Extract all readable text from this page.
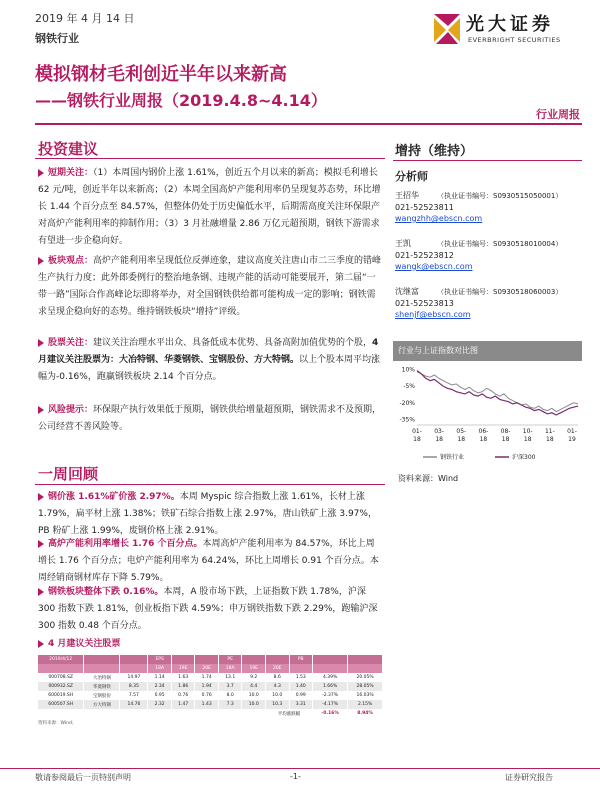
2019 年 4 月 14 日
钢铁行业
光大证券
EVERBRIGHT SECURITIES
模拟钢材毛利创近半年以来新高
——钢铁行业周报（2019.4.8~4.14）
行业周报
投资建议
短期关注：（1）本周国内钢价上涨 1.61%，创近五个月以来的新高；模拟毛利增长 62 元/吨，创近半年以来新高；（2）本周全国高炉产能利用率仍呈现复苏态势，环比增长 1.44 个百分点至 84.57%，但整体仍处于历史偏低水平，后期需高度关注环保限产对高炉产能利用率的抑制作用；（3）3 月社融增量 2.86 万亿元超预期，钢铁下游需求有望进一步企稳向好。
板块观点：高炉产能利用率呈现低位反弹迹象，建议高度关注唐山市二三季度的错峰生产执行力度；此外郎委例行的整治地条钢、违规产能的活动可能要展开，第二届“一带一路”国际合作高峰论坛即将举办，对全国钢铁供给都可能构成一定的影响；钢铁需求呈现企稳向好的态势。维持钢铁板块“增持”评级。
股票关注：建议关注治理水平出众、具备低成本优势、具备高附加值优势的个股，4 月建议关注股票为：大冶特钢、华菱钢铁、宝钢股份、方大特钢。以上个股本周平均涨幅为-0.16%，跑赢钢铁板块 2.14 个百分点。
风险提示：环保限产执行效果低于预期，钢铁供给增量超预期，钢铁需求不及预期，公司经营不善风险等。
一周回顾
钢价涨 1.61%矿价涨 2.97%。本周 Myspic 综合指数上涨 1.61%，长材上涨 1.79%，扁平材上涨 1.38%；铁矿石综合指数上涨 2.97%，唐山铁矿上涨 3.97%，PB 粉矿上涨 1.99%，废钢价格上涨 2.91%。
高炉产能利用率增长 1.76 个百分点。本周高炉产能利用率为 84.57%，环比上周增长 1.76 个百分点；电炉产能利用率为 64.24%，环比上周增长 0.91 个百分点。本周经销商钢材库存下降 5.79%。
钢铁板块整体下跌 0.16%。本周，A 股市场下跌，上证指数下跌 1.78%，沪深 300 指数下跌 1.81%，创业板指下跌 4.59%；申万钢铁指数下跌 2.29%，跑输沪深 300 指数 0.48 个百分点。
4 月建议关注股票
2019/4/12			EPS			PE			PB		
			18A	19E	20E	18A	19E	20E			
000708.SZ	大冶特钢	14.97	1.14	1.63	1.74	13.1	9.2	8.6	1.53	4.39%	20.05%
000932.SZ	华菱钢铁	8.35	2.34	1.86	1.94	3.7	4.4	4.3	1.40	1.66%	28.05%
600019.SH	宝钢股份	7.57	0.95	0.76	0.76	8.0	10.0	10.0	0.99	-2.37%	16.03%
600507.SH	方大特钢	14.76	2.32	1.47	1.43	7.3	10.0	10.3	3.31	-4.17%	2.15%
								平均涨跌幅		-0.16%	8.94%
资料来源：Wind；
增持（维持）
分析师
王招华	（执业证书编号：S0930515050001）
021-52523811
wangzhh@ebscn.com
王凯	（执业证书编号：S0930518010004）
021-52523812
wangk@ebscn.com
沈继富	（执业证书编号：S0930518060003）
021-52523813
shenjf@ebscn.com
行业与上证指数对比图
10%
-5%
-20%
-35%
01-
18
03-
18
05-
18
06-
18
08-
18
10-
18
11-
18
01-
19
钢铁行业	沪深300
资料来源：Wind
敬请参阅最后一页特别声明	-1-	证券研究报告
